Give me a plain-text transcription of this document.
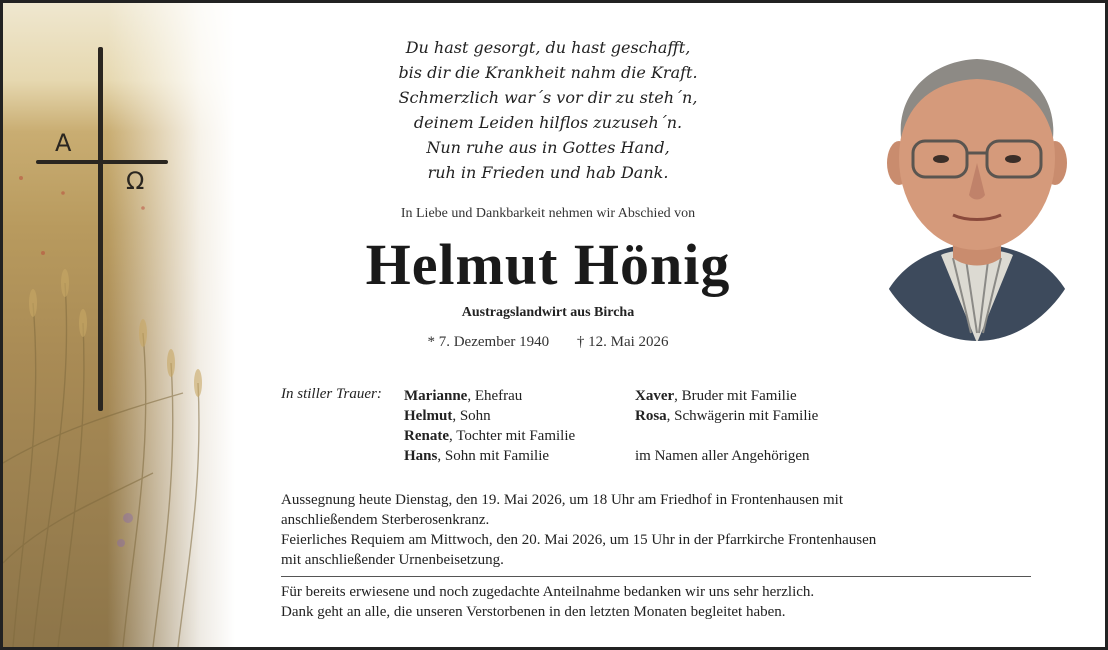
A
Ω
Du hast gesorgt, du hast geschafft,
bis dir die Krankheit nahm die Kraft.
Schmerzlich war´s vor dir zu steh´n,
deinem Leiden hilflos zuzuseh´n.
Nun ruhe aus in Gottes Hand,
ruh in Frieden und hab Dank.
In Liebe und Dankbarkeit nehmen wir Abschied von
Helmut Hönig
Austragslandwirt aus Bircha
* 7. Dezember 1940 † 12. Mai 2026
In stiller Trauer: Marianne, Ehefrau
Helmut, Sohn
Renate, Tochter mit Familie
Hans, Sohn mit Familie
Xaver, Bruder mit Familie
Rosa, Schwägerin mit Familie
im Namen aller Angehörigen
Aussegnung heute Dienstag, den 19. Mai 2026, um 18 Uhr am Friedhof in Frontenhausen mit
anschließendem Sterberosenkranz.
Feierliches Requiem am Mittwoch, den 20. Mai 2026, um 15 Uhr in der Pfarrkirche Frontenhausen
mit anschließender Urnenbeisetzung.
Für bereits erwiesene und noch zugedachte Anteilnahme bedanken wir uns sehr herzlich.
Dank geht an alle, die unseren Verstorbenen in den letzten Monaten begleitet haben.
